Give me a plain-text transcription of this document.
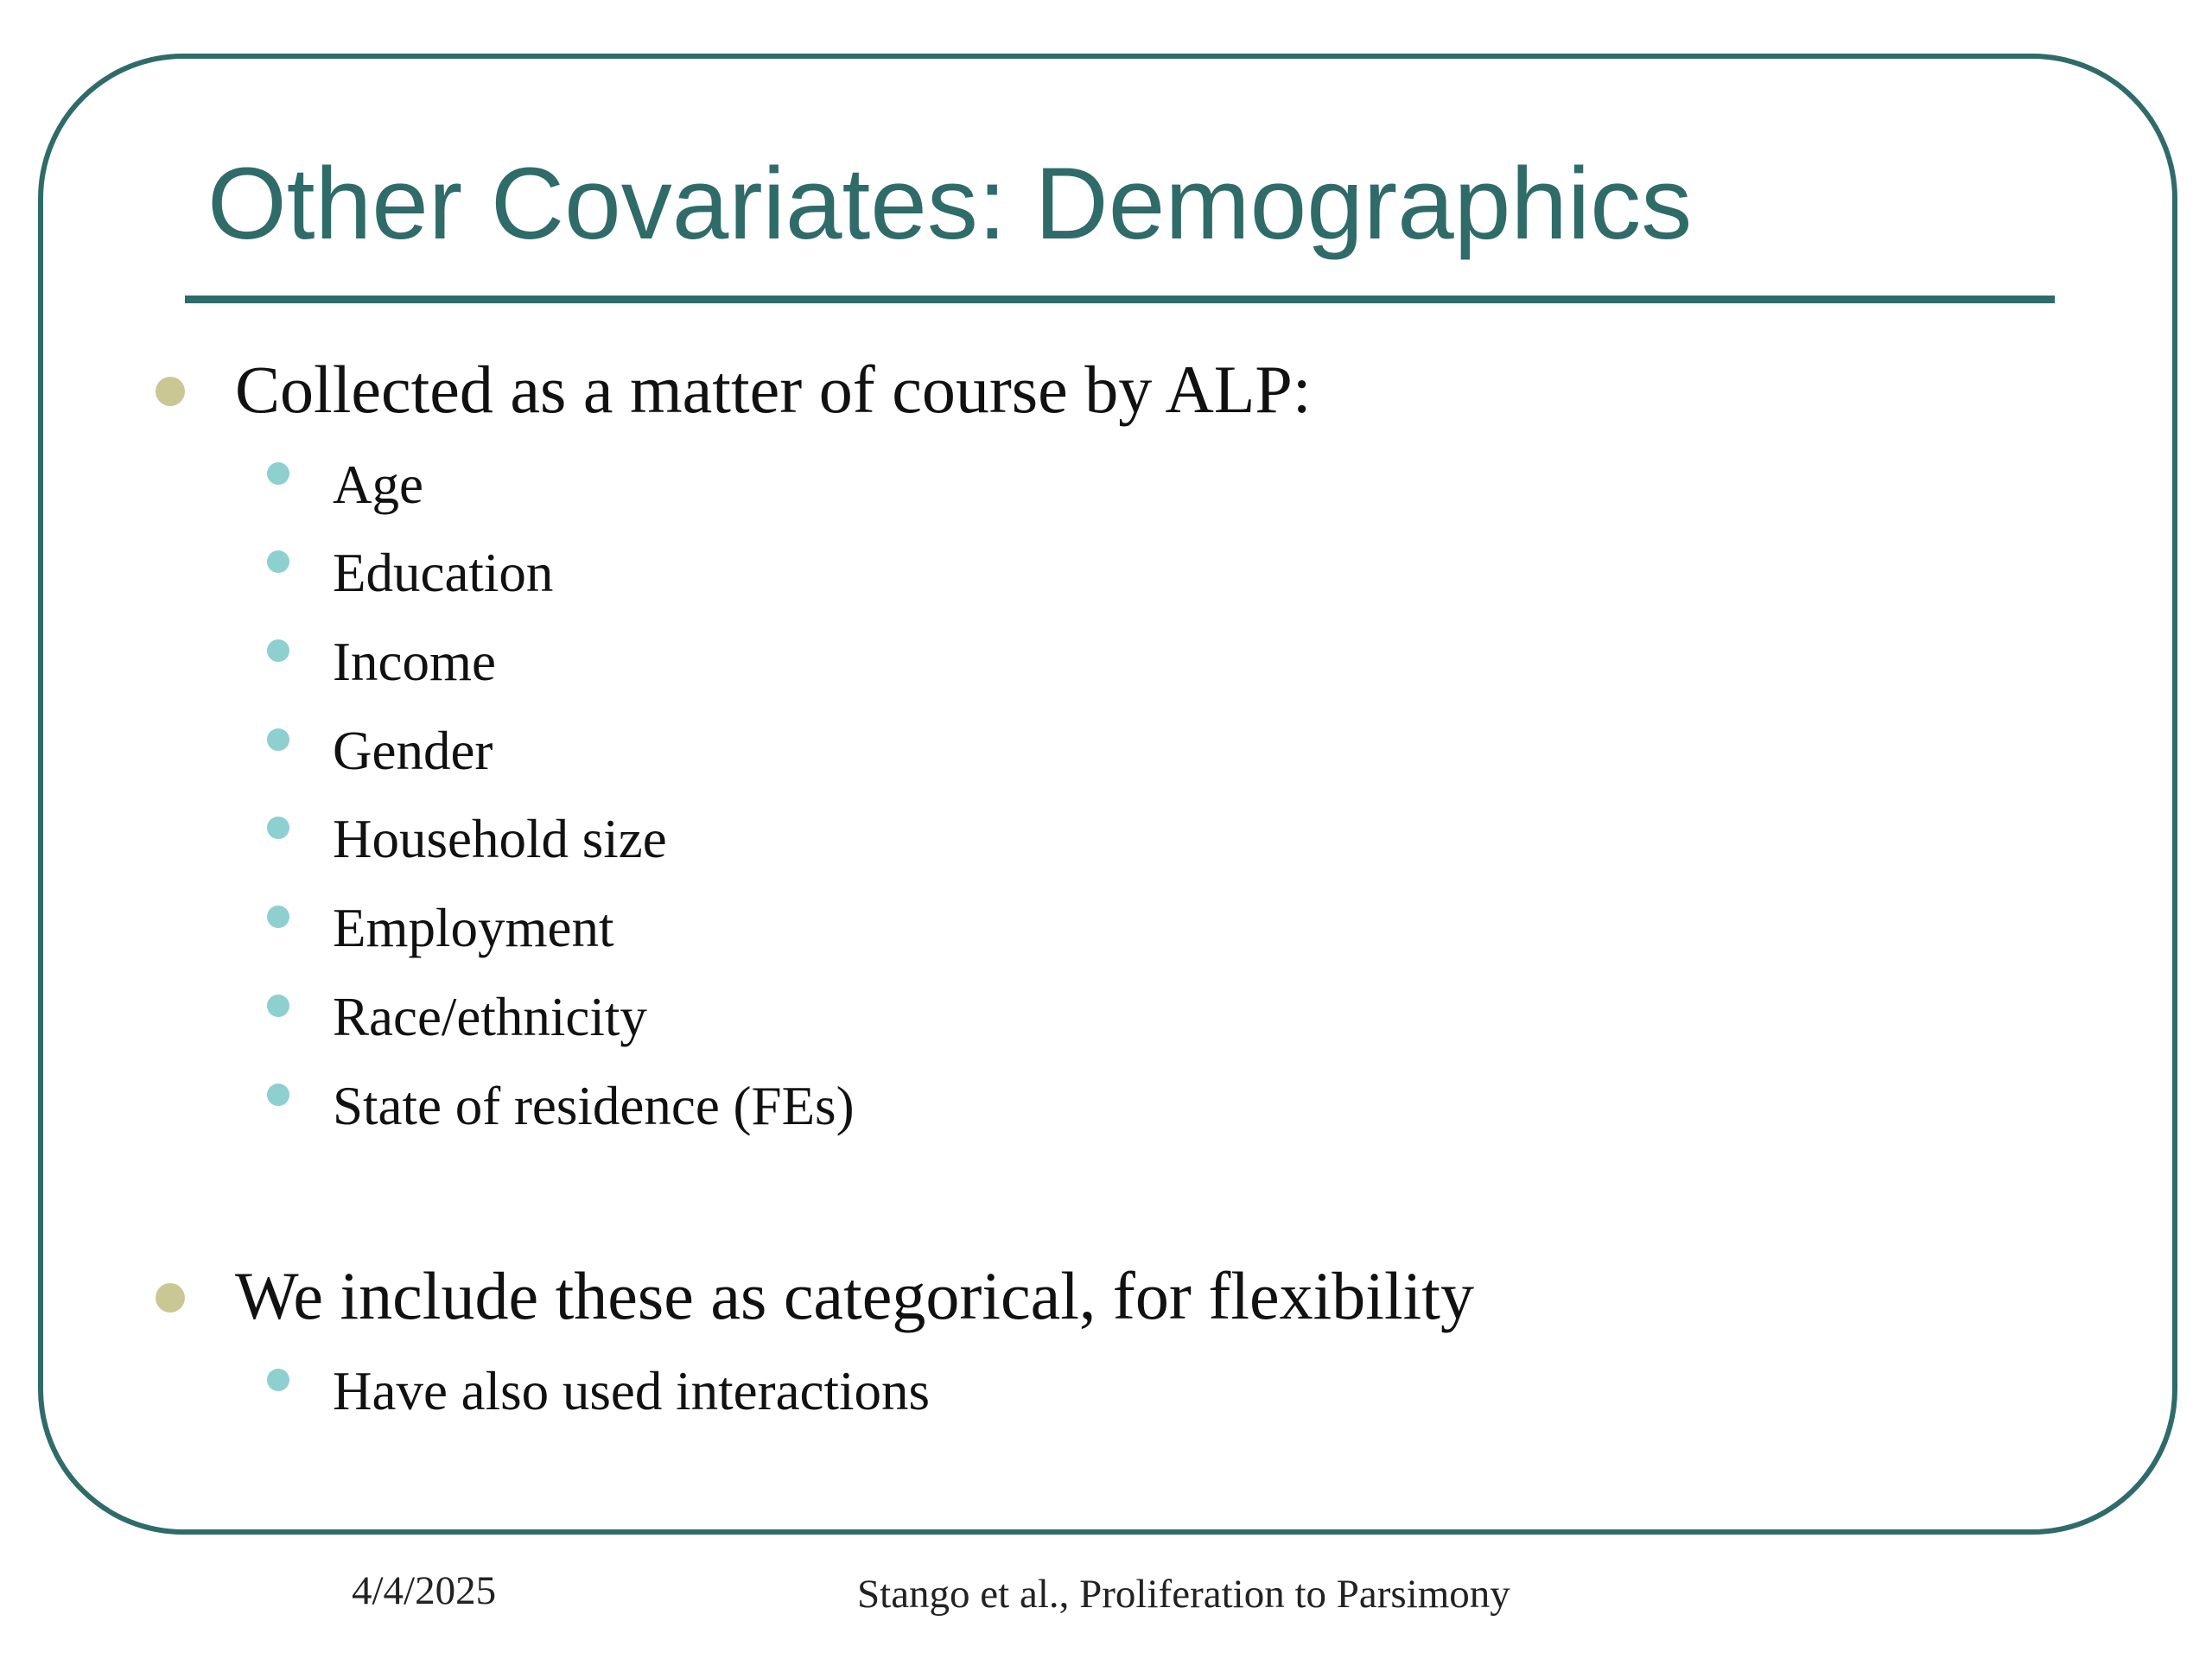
Other Covariates: Demographics
Collected as a matter of course by ALP:
Age
Education
Income
Gender
Household size
Employment
Race/ethnicity
State of residence (FEs)
We include these as categorical, for flexibility
Have also used interactions
4/4/2025	Stango et al., Proliferation to Parsimony
